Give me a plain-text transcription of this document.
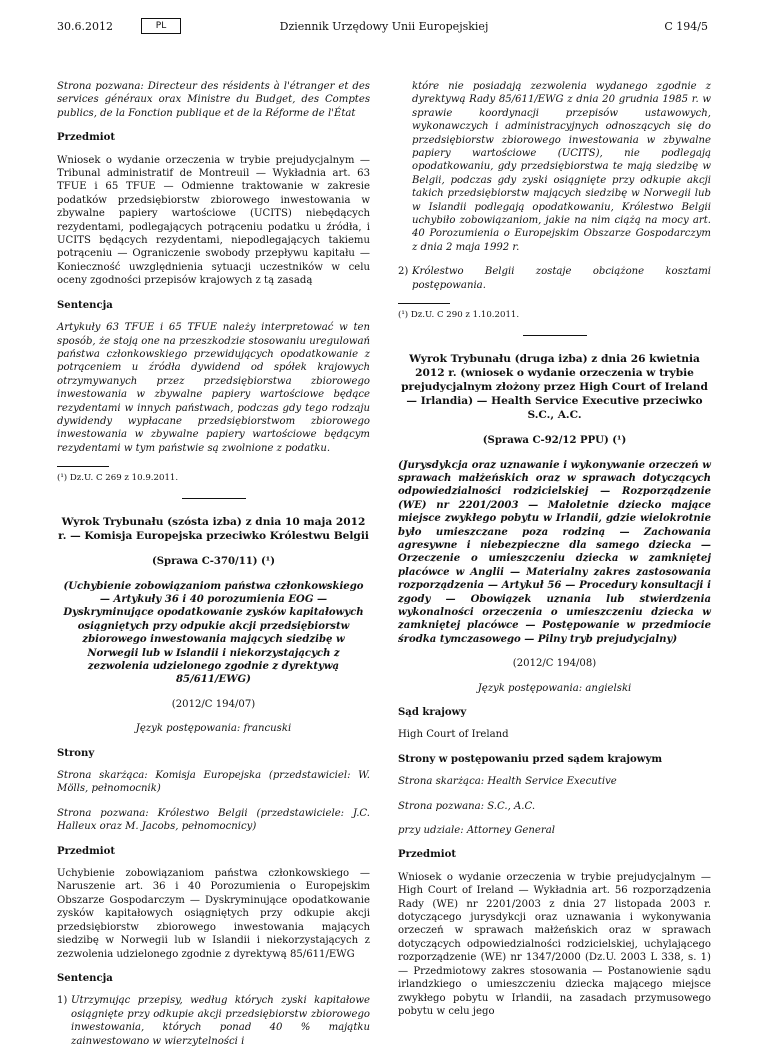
30.6.2012	PL	Dziennik Urzędowy Unii Europejskiej	C 194/5

Strona pozwana: Directeur des résidents à l'étranger et des services généraux orax Ministre du Budget, des Comptes publics, de la Fonction publique et de la Réforme de l'État

Przedmiot

Wniosek o wydanie orzeczenia w trybie prejudycjalnym — Tribunal administratif de Montreuil — Wykładnia art. 63 TFUE i 65 TFUE — Odmienne traktowanie w zakresie podatków przedsiębiorstw zbiorowego inwestowania w zbywalne papiery wartościowe (UCITS) niebędących rezydentami, podlegających potrąceniu podatku u źródła, i UCITS będących rezydentami, niepodlegających takiemu potrąceniu — Ograniczenie swobody przepływu kapitału — Konieczność uwzględnienia sytuacji uczestników w celu oceny zgodności przepisów krajowych z tą zasadą

Sentencja

Artykuły 63 TFUE i 65 TFUE należy interpretować w ten sposób, że stoją one na przeszkodzie stosowaniu uregulowań państwa członkowskiego przewidujących opodatkowanie z potrąceniem u źródła dywidend od spółek krajowych otrzymywanych przez przedsiębiorstwa zbiorowego inwestowania w zbywalne papiery wartościowe będące rezydentami w innych państwach, podczas gdy tego rodzaju dywidendy wypłacane przedsiębiorstwom zbiorowego inwestowania w zbywalne papiery wartościowe będącym rezydentami w tym państwie są zwolnione z podatku.

(¹) Dz.U. C 269 z 10.9.2011.
Wyrok Trybunału (szósta izba) z dnia 10 maja 2012 r. — Komisja Europejska przeciwko Królestwu Belgii

(Sprawa C-370/11) (¹)

(Uchybienie zobowiązaniom państwa członkowskiego — Artykuły 36 i 40 porozumienia EOG — Dyskryminujące opodatkowanie zysków kapitałowych osiągniętych przy odpukie akcji przedsiębiorstw zbiorowego inwestowania mających siedzibę w Norwegii lub w Islandii i niekorzystających z zezwolenia udzielonego zgodnie z dyrektywą 85/611/EWG)

(2012/C 194/07)

Język postępowania: francuski

Strony

Strona skarżąca: Komisja Europejska (przedstawiciel: W. Mölls, pełnomocnik)

Strona pozwana: Królestwo Belgii (przedstawiciele: J.C. Halleux oraz M. Jacobs, pełnomocnicy)

Przedmiot

Uchybienie zobowiązaniom państwa członkowskiego — Naruszenie art. 36 i 40 Porozumienia o Europejskim Obszarze Gospodarczym — Dyskryminujące opodatkowanie zysków kapitałowych osiągniętych przy odkupie akcji przedsiębiorstw zbiorowego inwestowania mających siedzibę w Norwegii lub w Islandii i niekorzystających z zezwolenia udzielonego zgodnie z dyrektywą 85/611/EWG

Sentencja
1) Utrzymując przepisy, według których zyski kapitałowe osiągnięte przy odkupie akcji przedsiębiorstw zbiorowego inwestowania, których ponad 40 % majątku zainwestowano w wierzytelności i

które nie posiadają zezwolenia wydanego zgodnie z dyrektywą Rady 85/611/EWG z dnia 20 grudnia 1985 r. w sprawie koordynacji przepisów ustawowych, wykonawczych i administracyjnych odnoszących się do przedsiębiorstw zbiorowego inwestowania w zbywalne papiery wartościowe (UCITS), nie podlegają opodatkowaniu, gdy przedsiębiorstwa te mają siedzibę w Belgii, podczas gdy zyski osiągnięte przy odkupie akcji takich przedsiębiorstw mających siedzibę w Norwegii lub w Islandii podlegają opodatkowaniu, Królestwo Belgii uchybiło zobowiązaniom, jakie na nim ciążą na mocy art. 40 Porozumienia o Europejskim Obszarze Gospodarczym z dnia 2 maja 1992 r.

2) Królestwo Belgii zostaje obciążone kosztami postępowania.
(¹) Dz.U. C 290 z 1.10.2011.
Wyrok Trybunału (druga izba) z dnia 26 kwietnia 2012 r. (wniosek o wydanie orzeczenia w trybie prejudycjalnym złożony przez High Court of Ireland — Irlandia) — Health Service Executive przeciwko S.C., A.C.

(Sprawa C-92/12 PPU) (¹)

(Jurysdykcja oraz uznawanie i wykonywanie orzeczeń w sprawach małżeńskich oraz w sprawach dotyczących odpowiedzialności rodzicielskiej — Rozporządzenie (WE) nr 2201/2003 — Małoletnie dziecko mające miejsce zwykłego pobytu w Irlandii, gdzie wielokrotnie było umieszczane poza rodziną — Zachowania agresywne i niebezpieczne dla samego dziecka — Orzeczenie o umieszczeniu dziecka w zamkniętej placówce w Anglii — Materialny zakres zastosowania rozporządzenia — Artykuł 56 — Procedury konsultacji i zgody — Obowiązek uznania lub stwierdzenia wykonalności orzeczenia o umieszczeniu dziecka w zamkniętej placówce — Postępowanie w przedmiocie środka tymczasowego — Pilny tryb prejudycjalny)

(2012/C 194/08)

Język postępowania: angielski

Sąd krajowy

High Court of Ireland

Strony w postępowaniu przed sądem krajowym

Strona skarżąca: Health Service Executive

Strona pozwana: S.C., A.C.

przy udziale: Attorney General

Przedmiot

Wniosek o wydanie orzeczenia w trybie prejudycjalnym — High Court of Ireland — Wykładnia art. 56 rozporządzenia Rady (WE) nr 2201/2003 z dnia 27 listopada 2003 r. dotyczącego jurysdykcji oraz uznawania i wykonywania orzeczeń w sprawach małżeńskich oraz w sprawach dotyczących odpowiedzialności rodzicielskiej, uchylającego rozporządzenie (WE) nr 1347/2000 (Dz.U. 2003 L 338, s. 1) — Przedmiotowy zakres stosowania — Postanowienie sądu irlandzkiego o umieszczeniu dziecka mającego miejsce zwykłego pobytu w Irlandii, na zasadach przymusowego pobytu w celu jego
